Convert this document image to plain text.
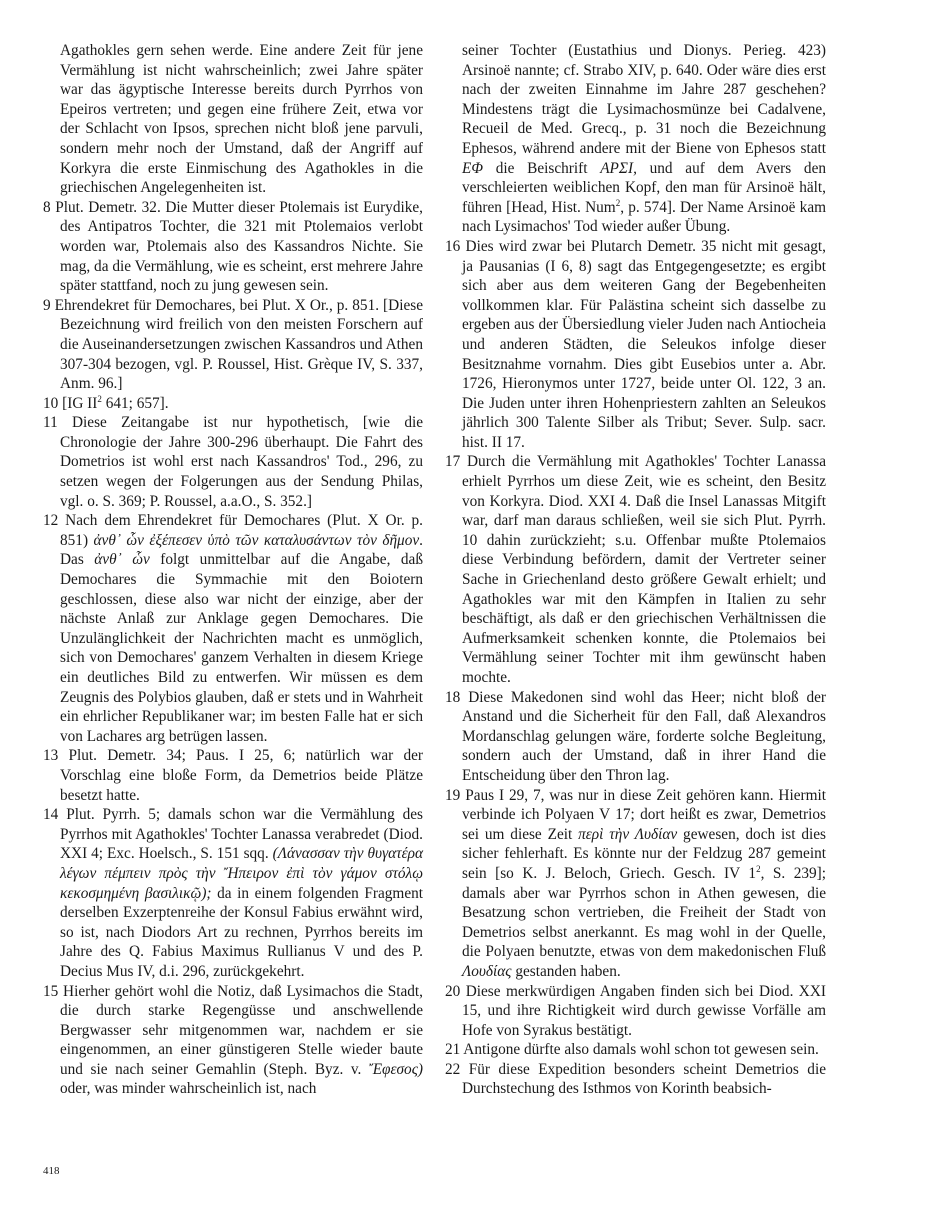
Agathokles gern sehen werde. Eine andere Zeit für jene Vermählung ist nicht wahrscheinlich; zwei Jahre später war das ägyptische Interesse bereits durch Pyrrhos von Epeiros vertreten; und gegen eine frühere Zeit, etwa vor der Schlacht von Ipsos, sprechen nicht bloß jene parvuli, sondern mehr noch der Umstand, daß der Angriff auf Korkyra die erste Einmischung des Agathokles in die griechischen Angelegenheiten ist.

8 Plut. Demetr. 32. Die Mutter dieser Ptolemais ist Eurydike, des Antipatros Tochter, die 321 mit Ptolemaios verlobt worden war, Ptolemais also des Kassandros Nichte. Sie mag, da die Vermählung, wie es scheint, erst mehrere Jahre später stattfand, noch zu jung gewesen sein.

9 Ehrendekret für Demochares, bei Plut. X Or., p. 851. [Diese Bezeichnung wird freilich von den meisten Forschern auf die Auseinandersetzungen zwischen Kassandros und Athen 307-304 bezogen, vgl. P. Roussel, Hist. Grèque IV, S. 337, Anm. 96.]

10 [IG $II^2$ 641; 657].

11 Diese Zeitangabe ist nur hypothetisch, [wie die Chronologie der Jahre 300-296 überhaupt. Die Fahrt des Dometrios ist wohl erst nach Kassandros' Tod., 296, zu setzen wegen der Folgerungen aus der Sendung Philas, vgl. o. S. 369; P. Roussel, a.a.O., S. 352.]

12 Nach dem Ehrendekret für Demochares (Plut. X Or. p. 851) ἀνθ᾽ ὧν ἐξέπεσεν ὑπὸ τῶν καταλυσάντων τὸν δῆμον. Das ἀνθ᾽ ὧν folgt unmittelbar auf die Angabe, daß Demochares die Symmachie mit den Boiotern geschlossen, diese also war nicht der einzige, aber der nächste Anlaß zur Anklage gegen Demochares. Die Unzulänglichkeit der Nachrichten macht es unmöglich, sich von Demochares' ganzem Verhalten in diesem Kriege ein deutliches Bild zu entwerfen. Wir müssen es dem Zeugnis des Polybios glauben, daß er stets und in Wahrheit ein ehrlicher Republikaner war; im besten Falle hat er sich von Lachares arg betrügen lassen.

13 Plut. Demetr. 34; Paus. I 25, 6; natürlich war der Vorschlag eine bloße Form, da Demetrios beide Plätze besetzt hatte.

14 Plut. Pyrrh. 5; damals schon war die Vermählung des Pyrrhos mit Agathokles' Tochter Lanassa verabredet (Diod. XXI 4; Exc. Hoelsch., S. 151 sqq. (Λάνασσαν τὴν θυγατέρα λέγων πέμπειν πρὸς τὴν Ἤπειρον ἐπὶ τὸν γάμον στόλῳ κεκοσμημένη βασιλικῷ); da in einem folgenden Fragment derselben Exzerptenreihe der Konsul Fabius erwähnt wird, so ist, nach Diodors Art zu rechnen, Pyrrhos bereits im Jahre des Q. Fabius Maximus Rullianus V und des P. Decius Mus IV, d.i. 296, zurückgekehrt.

15 Hierher gehört wohl die Notiz, daß Lysimachos die Stadt, die durch starke Regengüsse und anschwellende Bergwasser sehr mitgenommen war, nachdem er sie eingenommen, an einer günstigeren Stelle wieder baute und sie nach seiner Gemahlin (Steph. Byz. v. Ἔφεσος) oder, was minder wahrscheinlich ist, nach

seiner Tochter (Eustathius und Dionys. Perieg. 423) Arsinoë nannte; cf. Strabo XIV, p. 640. Oder wäre dies erst nach der zweiten Einnahme im Jahre 287 geschehen? Mindestens trägt die Lysimachosmünze bei Cadalvene, Recueil de Med. Grecq., p. 31 noch die Bezeichnung Ephesos, während andere mit der Biene von Ephesos statt ΕΦ die Beischrift ΑΡΣΙ, und auf dem Avers den verschleierten weiblichen Kopf, den man für Arsinoë hält, führen [Head, Hist. Num$^2$, p. 574]. Der Name Arsinoë kam nach Lysimachos' Tod wieder außer Übung.

16 Dies wird zwar bei Plutarch Demetr. 35 nicht mit gesagt, ja Pausanias (I 6, 8) sagt das Entgegengesetzte; es ergibt sich aber aus dem weiteren Gang der Begebenheiten vollkommen klar. Für Palästina scheint sich dasselbe zu ergeben aus der Übersiedlung vieler Juden nach Antiocheia und anderen Städten, die Seleukos infolge dieser Besitznahme vornahm. Dies gibt Eusebios unter a. Abr. 1726, Hieronymos unter 1727, beide unter Ol. 122, 3 an. Die Juden unter ihren Hohenpriestern zahlten an Seleukos jährlich 300 Talente Silber als Tribut; Sever. Sulp. sacr. hist. II 17.

17 Durch die Vermählung mit Agathokles' Tochter Lanassa erhielt Pyrrhos um diese Zeit, wie es scheint, den Besitz von Korkyra. Diod. XXI 4. Daß die Insel Lanassas Mitgift war, darf man daraus schließen, weil sie sich Plut. Pyrrh. 10 dahin zurückzieht; s.u. Offenbar mußte Ptolemaios diese Verbindung befördern, damit der Vertreter seiner Sache in Griechenland desto größere Gewalt erhielt; und Agathokles war mit den Kämpfen in Italien zu sehr beschäftigt, als daß er den griechischen Verhältnissen die Aufmerksamkeit schenken konnte, die Ptolemaios bei Vermählung seiner Tochter mit ihm gewünscht haben mochte.

18 Diese Makedonen sind wohl das Heer; nicht bloß der Anstand und die Sicherheit für den Fall, daß Alexandros Mordanschlag gelungen wäre, forderte solche Begleitung, sondern auch der Umstand, daß in ihrer Hand die Entscheidung über den Thron lag.

19 Paus I 29, 7, was nur in diese Zeit gehören kann. Hiermit verbinde ich Polyaen V 17; dort heißt es zwar, Demetrios sei um diese Zeit περὶ τὴν Λυδίαν gewesen, doch ist dies sicher fehlerhaft. Es könnte nur der Feldzug 287 gemeint sein [so K. J. Beloch, Griech. Gesch. IV $1^2$, S. 239]; damals aber war Pyrrhos schon in Athen gewesen, die Besatzung schon vertrieben, die Freiheit der Stadt von Demetrios selbst anerkannt. Es mag wohl in der Quelle, die Polyaen benutzte, etwas von dem makedonischen Fluß Λουδίας gestanden haben.

20 Diese merkwürdigen Angaben finden sich bei Diod. XXI 15, und ihre Richtigkeit wird durch gewisse Vorfälle am Hofe von Syrakus bestätigt.

21 Antigone dürfte also damals wohl schon tot gewesen sein.

22 Für diese Expedition besonders scheint Demetrios die Durchstechung des Isthmos von Korinth beabsich-

418
